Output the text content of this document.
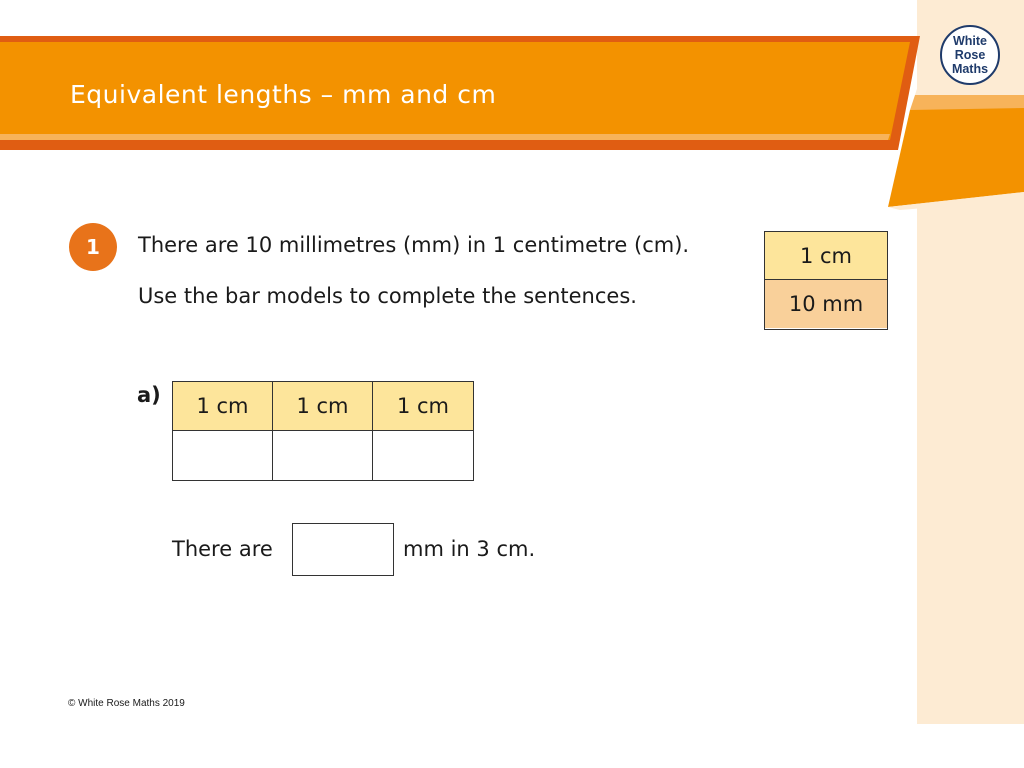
Equivalent lengths – mm and cm
White
Rose
Maths
1	There are 10 millimetres (mm) in 1 centimetre (cm).
Use the bar models to complete the sentences.
1 cm
10 mm
a)	1 cm	1 cm	1 cm
There are	mm in 3 cm.
© White Rose Maths 2019
